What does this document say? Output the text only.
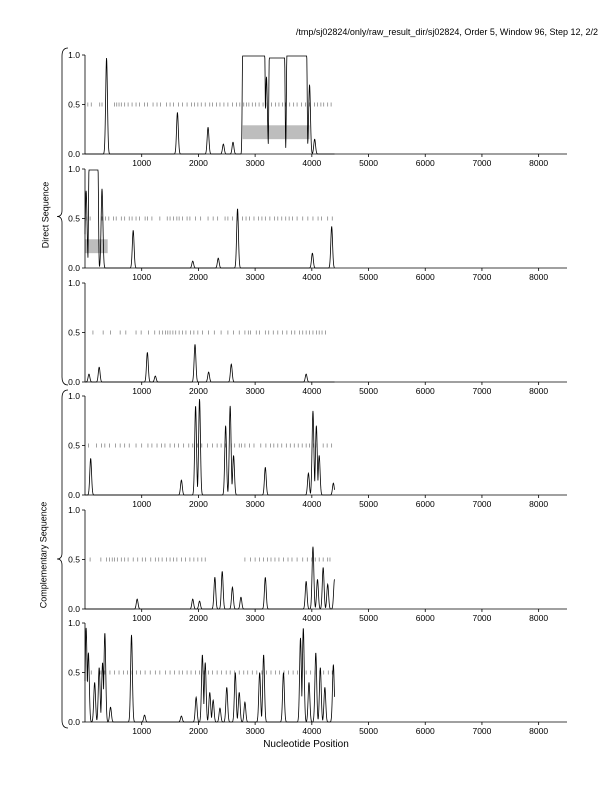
/tmp/sj02824/only/raw_result_dir/sj02824, Order 5, Window 96, Step 12, 2/2
Direct Sequence
Complementary Sequence
Nucleotide Position
0.0
0.5
1.0
1000	2000	3000	4000	5000	6000	7000	8000
0.0
0.5
1.0
1000	2000	3000	4000	5000	6000	7000	8000
0.0
0.5
1.0
1000	2000	3000	4000	5000	6000	7000	8000
0.0
0.5
1.0
1000	2000	3000	4000	5000	6000	7000	8000
0.0
0.5
1.0
1000	2000	3000	4000	5000	6000	7000	8000
0.0
0.5
1.0
1000	2000	3000	4000	5000	6000	7000	8000
